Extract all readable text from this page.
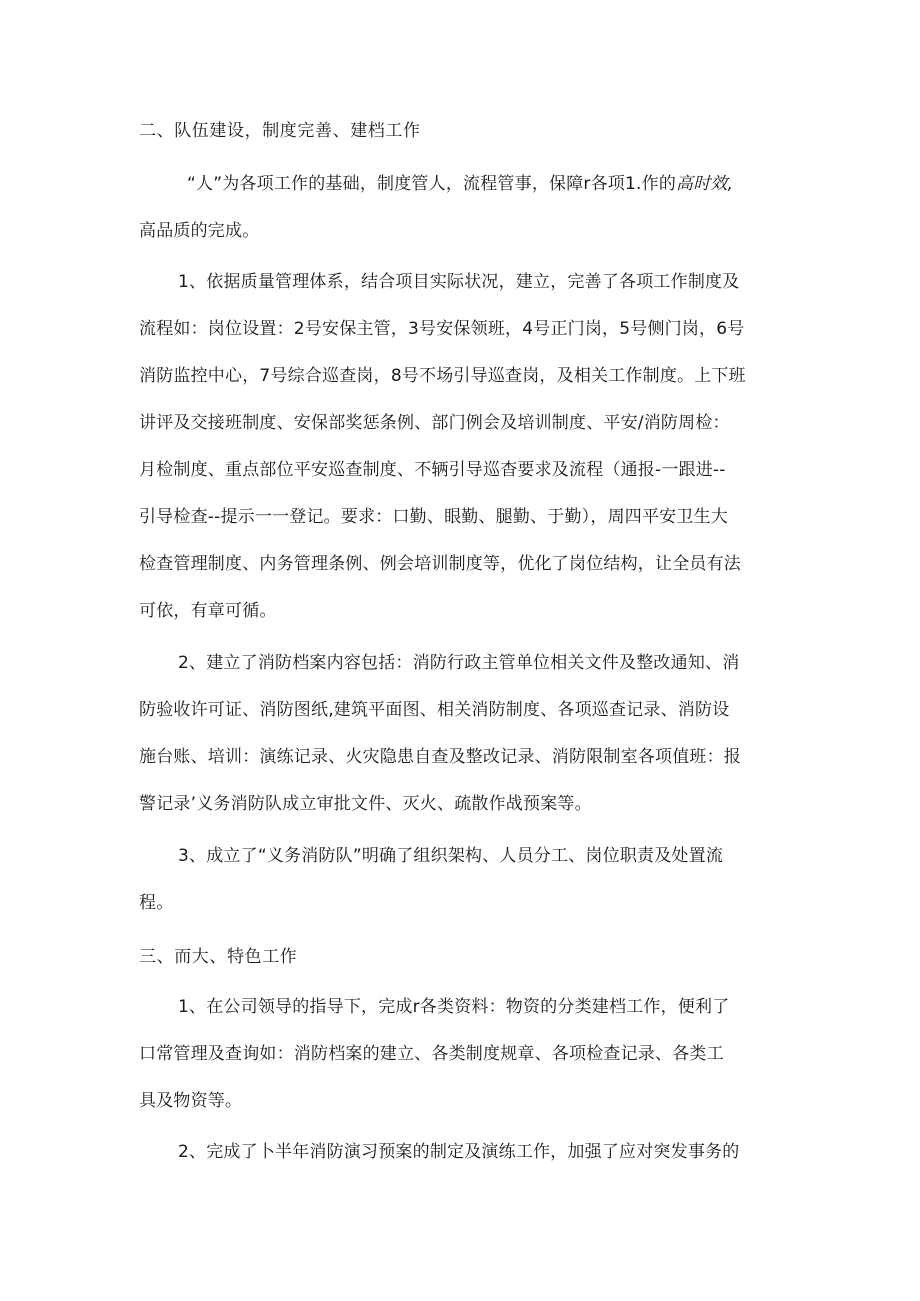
二、队伍建设，制度完善、建档工作
“人”为各项工作的基础，制度管人，流程管事，保障r各项1.作的高时效,
高品质的完成。
1、依据质量管理体系，结合项目实际状况，建立，完善了各项工作制度及
流程如：岗位设置：2号安保主管，3号安保领班，4号正门岗，5号侧门岗，6号
消防监控中心，7号综合巡查岗，8号不场引导巡查岗，及相关工作制度。上下班
讲评及交接班制度、安保部奖惩条例、部门例会及培训制度、平安/消防周检：
月检制度、重点部位平安巡查制度、不辆引导巡杳要求及流程（通报-一跟进--
引导检查--提示一一登记。要求：口勤、眼勤、腿勤、于勤），周四平安卫生大
检查管理制度、内务管理条例、例会培训制度等，优化了岗位结构，让全员有法
可依，有章可循。
2、建立了消防档案内容包括：消防行政主管单位相关文件及整改通知、消
防验收许可证、消防图纸,建筑平面图、相关消防制度、各项巡查记录、消防设
施台账、培训：演练记录、火灾隐患自查及整改记录、消防限制室各项值班：报
警记录’义务消防队成立审批文件、灭火、疏散作战预案等。
3、成立了“义务消防队”明确了组织架构、人员分工、岗位职责及处置流
程。
三、而大、特色工作
1、在公司领导的指导下，完成r各类资料：物资的分类建档工作，便利了
口常管理及查询如：消防档案的建立、各类制度规章、各项检查记录、各类工
具及物资等。
2、完成了卜半年消防演习预案的制定及演练工作，加强了应对突发事务的
